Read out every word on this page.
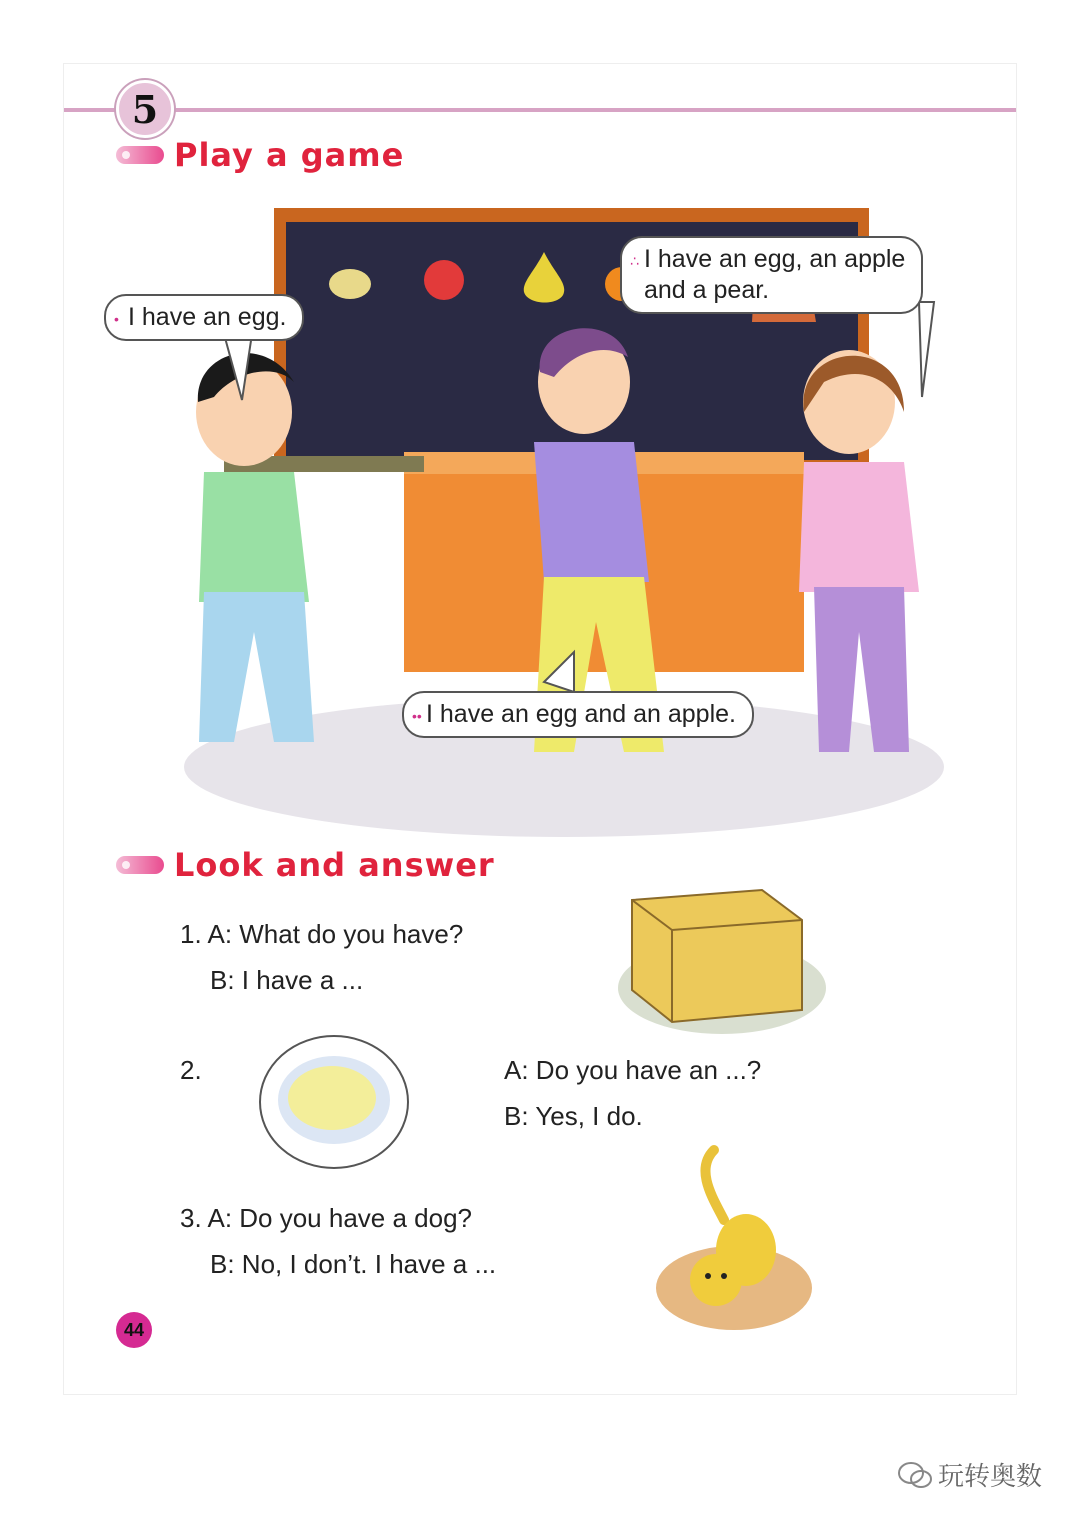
5
Play a game
• I have an egg.
∴ I have an egg, an apple
and a pear.
•• I have an egg and an apple.
Look and answer
1. A: What do you have?
B: I have a ...
2.	A: Do you have an ...?
B: Yes, I do.
3. A: Do you have a dog?
B: No, I don’t. I have a ...
44
玩转奥数
